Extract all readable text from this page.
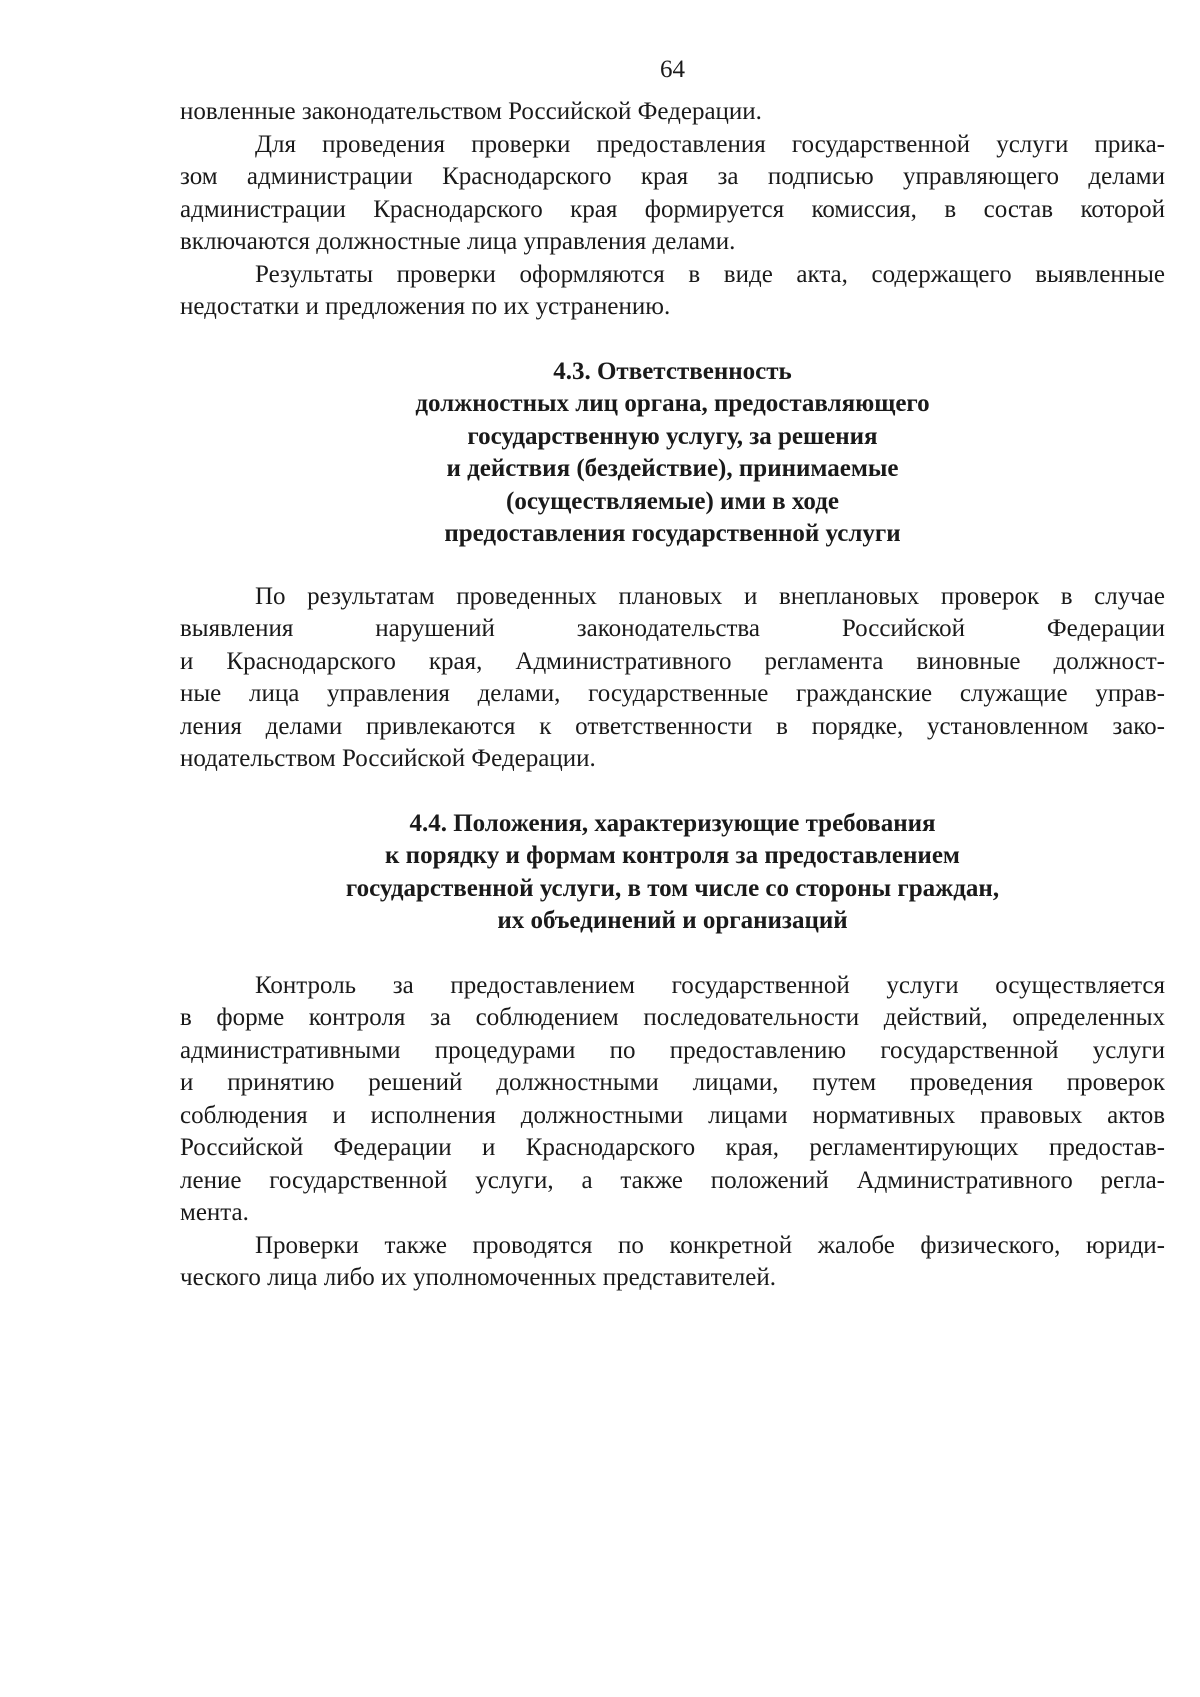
64

новленные законодательством Российской Федерации.

Для проведения проверки предоставления государственной услуги прика-
зом администрации Краснодарского края за подписью управляющего делами
администрации Краснодарского края формируется комиссия, в состав которой
включаются должностные лица управления делами.

Результаты проверки оформляются в виде акта, содержащего выявленные
недостатки и предложения по их устранению.

4.3. Ответственность
должностных лиц органа, предоставляющего
государственную услугу, за решения
и действия (бездействие), принимаемые
(осуществляемые) ими в ходе
предоставления государственной услуги

По результатам проведенных плановых и внеплановых проверок в случае
выявления нарушений законодательства Российской Федерации
и Краснодарского края, Административного регламента виновные должност-
ные лица управления делами, государственные гражданские служащие управ-
ления делами привлекаются к ответственности в порядке, установленном зако-
нодательством Российской Федерации.

4.4. Положения, характеризующие требования
к порядку и формам контроля за предоставлением
государственной услуги, в том числе со стороны граждан,
их объединений и организаций

Контроль за предоставлением государственной услуги осуществляется
в форме контроля за соблюдением последовательности действий, определенных
административными процедурами по предоставлению государственной услуги
и принятию решений должностными лицами, путем проведения проверок
соблюдения и исполнения должностными лицами нормативных правовых актов
Российской Федерации и Краснодарского края, регламентирующих предостав-
ление государственной услуги, а также положений Административного регла-
мента.

Проверки также проводятся по конкретной жалобе физического, юриди-
ческого лица либо их уполномоченных представителей.
